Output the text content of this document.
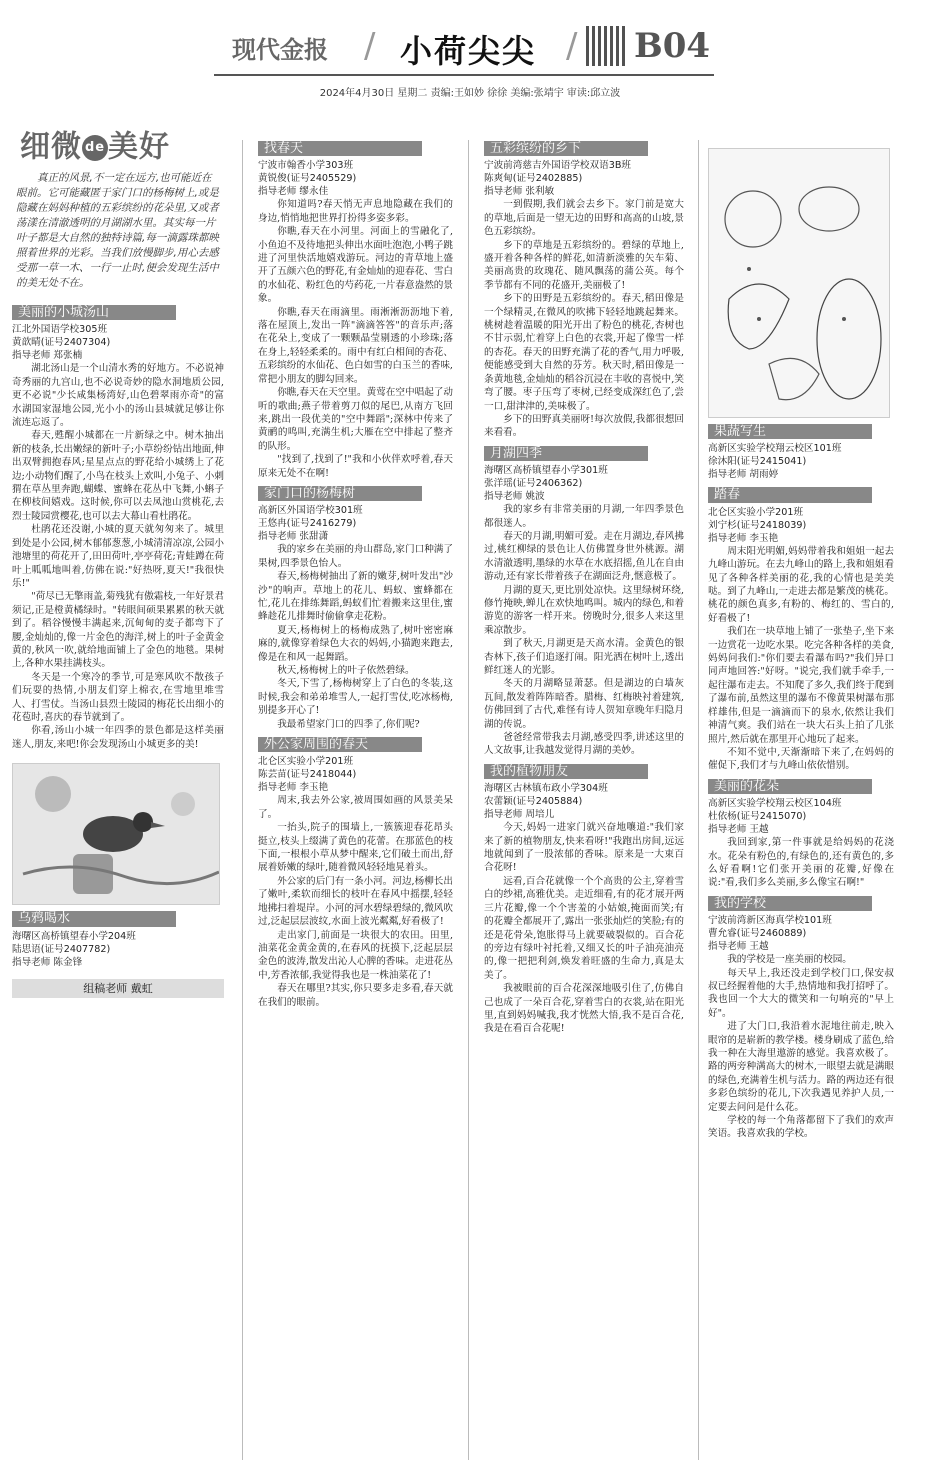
现代金报 / 小荷尖尖 / B04
2024年4月30日 星期二 责编:王如妙 徐徐 美编:张靖宇 审读:邱立波
细微 de美好
真正的风景,不一定在远方,也可能近在眼前。它可能藏匿于家门口的杨梅树上,或是隐藏在妈妈种植的五彩缤纷的花朵里,又或者荡漾在清澈透明的月湖湖水里。其实每一片叶子都是大自然的独特诗篇,每一滴露珠都映照着世界的光彩。当我们放慢脚步,用心去感受那一草一木、一行一止时,便会发现生活中的美无处不在。
美丽的小城汤山
江北外国语学校305班
黄歆晴(证号2407304)
指导老师 郑张楠

湖北汤山是一个山清水秀的好地方。不必说神奇秀丽的九宫山,也不必说奇妙的隐水洞地质公园,更不必说"少长咸集杨湾好,山色碧翠雨亦奇"的富水湖国家湿地公园,光小小的汤山县城就足够让你流连忘返了。

春天,甦醒小城都在一片新绿之中。树木抽出新的枝条,长出嫩绿的新叶子;小草纷纷钻出地面,伸出双臂拥抱春风;星星点点的野花给小城绣上了花边;小动物们醒了,小鸟在枝头上欢叫,小兔子、小刺猬在草丛里奔跑,蝴蝶、蜜蜂在花丛中飞舞,小蝌子在柳枝间嬉戏。这时候,你可以去凤池山赏桃花,去烈士陵园赏樱花,也可以去大幕山看杜鹃花。

杜鹃花还没谢,小城的夏天就匆匆来了。城里到处是小公园,树木郁郁葱葱,小城清清凉凉,公园小池塘里的荷花开了,田田荷叶,亭亭荷花;青蛙蹲在荷叶上呱呱地叫着,仿佛在说:"好热呀,夏天!"我很快乐!"

"荷尽已无擎雨盖,菊残犹有傲霜枝,一年好景君须记,正是橙黄橘绿时。"转眼间硕果累累的秋天就到了。稻谷慢慢丰满起来,沉甸甸的麦子都弯下了腰,金灿灿的,像一片金色的海洋,树上的叶子金黄金黄的,秋风一吹,就给地面铺上了金色的地毯。果树上,各种水果挂满枝头。

冬天是一个寒冷的季节,可是寒风吹不散孩子们玩耍的热情,小朋友们穿上棉衣,在雪地里堆雪人、打雪仗。当汤山县烈士陵园的梅花长出细小的花苞时,喜庆的春节就到了。

你看,汤山小城一年四季的景色都是这样美丽迷人,朋友,来吧!你会发现汤山小城更多的美!

乌鸦喝水
海曙区高桥镇望春小学204班
陆思语(证号2407782)
指导老师 陈金锋
组稿老师 戴虹
找春天
宁波市翰香小学303班
黄锐俊(证号2405529)
指导老师 缪永佳

你知道吗?春天悄无声息地隐藏在我们的身边,悄悄地把世界打扮得多姿多彩。

你瞧,春天在小河里。河面上的雪融化了,小鱼迫不及待地把头伸出水面吐泡泡,小鸭子跳进了河里快活地嬉戏游玩。河边的青草地上盛开了五颜六色的野花,有金灿灿的迎春花、雪白的水仙花、粉红色的芍药花,一片春意盎然的景象。

你瞧,春天在雨滴里。雨淅淅沥沥地下着,落在屋顶上,发出一阵"滴滴答答"的音乐声;落在花朵上,变成了一颗颗晶莹剔透的小珍珠;落在身上,轻轻柔柔的。雨中有红白相间的杏花、五彩缤纷的水仙花、色白如雪的白玉兰的香味,常把小朋友的脚勾回来。

你瞧,春天在天空里。黄莺在空中唱起了动听的歌曲;燕子带着剪刀似的尾巴,从南方飞回来,跳出一段优美的"空中舞蹈";深林中传来了黄鹂的鸣叫,充满生机;大雁在空中排起了整齐的队形。

"找到了,找到了!"我和小伙伴欢呼着,春天原来无处不在啊!

家门口的杨梅树
高新区外国语学校301班
王悠冉(证号2416279)
指导老师 张甜潇

我的家乡在美丽的舟山群岛,家门口种满了果树,四季景色怡人。

春天,杨梅树抽出了新的嫩芽,树叶发出"沙沙"的响声。草地上的花儿、蚂蚁、蜜蜂都在忙,花儿在排练舞蹈,蚂蚁们忙着搬来这里住,蜜蜂趁花儿排舞时偷偷拿走花粉。

夏天,杨梅树上的杨梅成熟了,树叶密密麻麻的,就像穿着绿色大衣的妈妈,小猫跑来跑去,像是在和风一起舞蹈。

秋天,杨梅树上的叶子依然碧绿。

冬天,下雪了,杨梅树穿上了白色的冬装,这时候,我会和弟弟堆雪人,一起打雪仗,吃冰杨梅,别提多开心了!

我最希望家门口的四季了,你们呢?

外公家周围的春天
北仑区实验小学201班
陈芸苗(证号2418044)
指导老师 李玉艳

周末,我去外公家,被周围如画的风景美呆了。

一抬头,院子的围墙上,一簇簇迎春花昂头挺立,枝头上缀满了黄色的花蕾。在那蓝色的枝下面,一根根小草从梦中醒来,它们破土而出,舒展着娇嫩的绿叶,随着微风轻轻地晃着头。

外公家的后门有一条小河。河边,杨柳长出了嫩叶,柔软而细长的枝叶在春风中摇摆,轻轻地拂扫着堤岸。小河的河水碧绿碧绿的,微风吹过,泛起层层波纹,水面上波光粼粼,好看极了!

走出家门,前面是一块很大的农田。田里,油菜花金黄金黄的,在春风的抚摸下,泛起层层金色的波涛,散发出沁人心脾的香味。走进花丛中,芳香浓郁,我觉得我也是一株油菜花了!

春天在哪里?其实,你只要多走多看,春天就在我们的眼前。

五彩缤纷的乡下
宁波前湾慈吉外国语学校双语3B班
陈爽甸(证号2402885)
指导老师 张利敏

一到假期,我们就会去乡下。家门前是宽大的草地,后面是一望无边的田野和高高的山坡,景色五彩缤纷。

乡下的草地是五彩缤纷的。碧绿的草地上,盛开着各种各样的鲜花,如清新淡雅的矢车菊、美丽高贵的玫瑰花、随风飘荡的蒲公英。每个季节都有不同的花盛开,美丽极了!

乡下的田野是五彩缤纷的。春天,稻田像是一个绿精灵,在微风的吹拂下轻轻地跳起舞来。桃树趁着温暖的阳光开出了粉色的桃花,杏树也不甘示弱,忙着穿上白色的衣裳,开起了像雪一样的杏花。春天的田野充满了花的香气,用力呼吸,便能感受到大自然的芬芳。秋天时,稻田像是一条黄地毯,金灿灿的稻谷沉浸在丰收的喜悦中,笑弯了腰。枣子压弯了枣树,已经变成深红色了,尝一口,甜津津的,美味极了。

乡下的田野真美丽呀!每次放假,我都很想回来看看。

月湖四季
海曙区高桥镇望春小学301班
张洋瑶(证号2406362)
指导老师 姚波

我的家乡有非常美丽的月湖,一年四季景色都很迷人。

春天的月湖,明媚可爱。走在月湖边,春风拂过,桃红柳绿的景色让人仿佛置身世外桃源。湖水清澈透明,墨绿的水草在水底招摇,鱼儿在自由游动,还有家长带着孩子在湖面泛舟,惬意极了。

月湖的夏天,更比别处凉快。这里绿树环绕,修竹掩映,蝉儿在欢快地鸣叫。城内的绿色,和着游览的游客一样开来。傍晚时分,很多人来这里乘凉散步。

到了秋天,月湖更是天高水清。金黄色的银杏林下,孩子们追逐打闹。阳光洒在树叶上,透出鲜红迷人的光影。

冬天的月湖略显萧瑟。但是湖边的白墙灰瓦间,散发着阵阵暗香。腊梅、红梅映衬着建筑,仿佛回到了古代,难怪有诗人贺知章晚年归隐月湖的传说。

爸爸经常带我去月湖,感受四季,讲述这里的人文故事,让我越发觉得月湖的美妙。

我的植物朋友
海曙区古林镇布政小学304班
农蕾颖(证号2405884)
指导老师 周培儿

今天,妈妈一进家门就兴奋地嚷道:"我们家来了新的植物朋友,快来看呀!"我跑出房间,远远地就闻到了一股浓郁的香味。原来是一大束百合花呀!

远看,百合花就像一个个高贵的公主,穿着雪白的纱裙,高雅优美。走近细看,有的花才展开两三片花瓣,像一个个害羞的小姑娘,掩面而笑;有的花瓣全都展开了,露出一张张灿烂的笑脸;有的还是花骨朵,饱胀得马上就要破裂似的。百合花的旁边有绿叶衬托着,又细又长的叶子油亮油亮的,像一把把利剑,焕发着旺盛的生命力,真是太美了。

我被眼前的百合花深深地吸引住了,仿佛自己也成了一朵百合花,穿着雪白的衣裳,站在阳光里,直到妈妈喊我,我才恍然大悟,我不是百合花,我是在看百合花呢!

果蔬写生
高新区实验学校翔云校区101班
徐沐阳(证号2415041)
指导老师 胡雨婷
踏春
北仑区实验小学201班
刘宁杉(证号2418039)
指导老师 李玉艳

周末阳光明媚,妈妈带着我和姐姐一起去九峰山游玩。在去九峰山的路上,我和姐姐看见了各种各样美丽的花,我的心情也是美美哒。到了九峰山,一走进去都是繁茂的桃花。桃花的颜色真多,有粉的、梅红的、雪白的,好看极了!

我们在一块草地上铺了一张垫子,坐下来一边赏花一边吃水果。吃完各种各样的美食,妈妈问我们:"你们要去看瀑布吗?"我们异口同声地回答:"好呀。"说完,我们就手牵手,一起往瀑布走去。不知爬了多久,我们终于爬到了瀑布前,虽然这里的瀑布不像黄果树瀑布那样雄伟,但是一滴滴而下的泉水,依然让我们神清气爽。我们站在一块大石头上拍了几张照片,然后就在那里开心地玩了起来。

不知不觉中,天渐渐暗下来了,在妈妈的催促下,我们才与九峰山依依惜别。

美丽的花朵
高新区实验学校翔云校区104班
杜依杨(证号2415070)
指导老师 王越

我回到家,第一件事就是给妈妈的花浇水。花朵有粉色的,有绿色的,还有黄色的,多么好看啊!它们张开美丽的花瓣,好像在说:"看,我们多么美丽,多么像宝石啊!"

我的学校
宁波前湾新区海真学校101班
曹允睿(证号2460889)
指导老师 王越

我的学校是一座美丽的校园。

每天早上,我还没走到学校门口,保安叔叔已经握着他的大手,热情地和我打招呼了。我也回一个大大的微笑和一句响亮的"早上好"。

进了大门口,我沿着水泥地往前走,映入眼帘的是崭新的教学楼。楼身刷成了蓝色,给我一种在大海里遨游的感觉。我喜欢极了。路的两旁种满高大的树木,一眼望去就是满眼的绿色,充满着生机与活力。路的两边还有很多彩色缤纷的花儿,下次我遇见养护人员,一定要去问问是什么花。

学校的每一个角落都留下了我们的欢声笑语。我喜欢我的学校。
